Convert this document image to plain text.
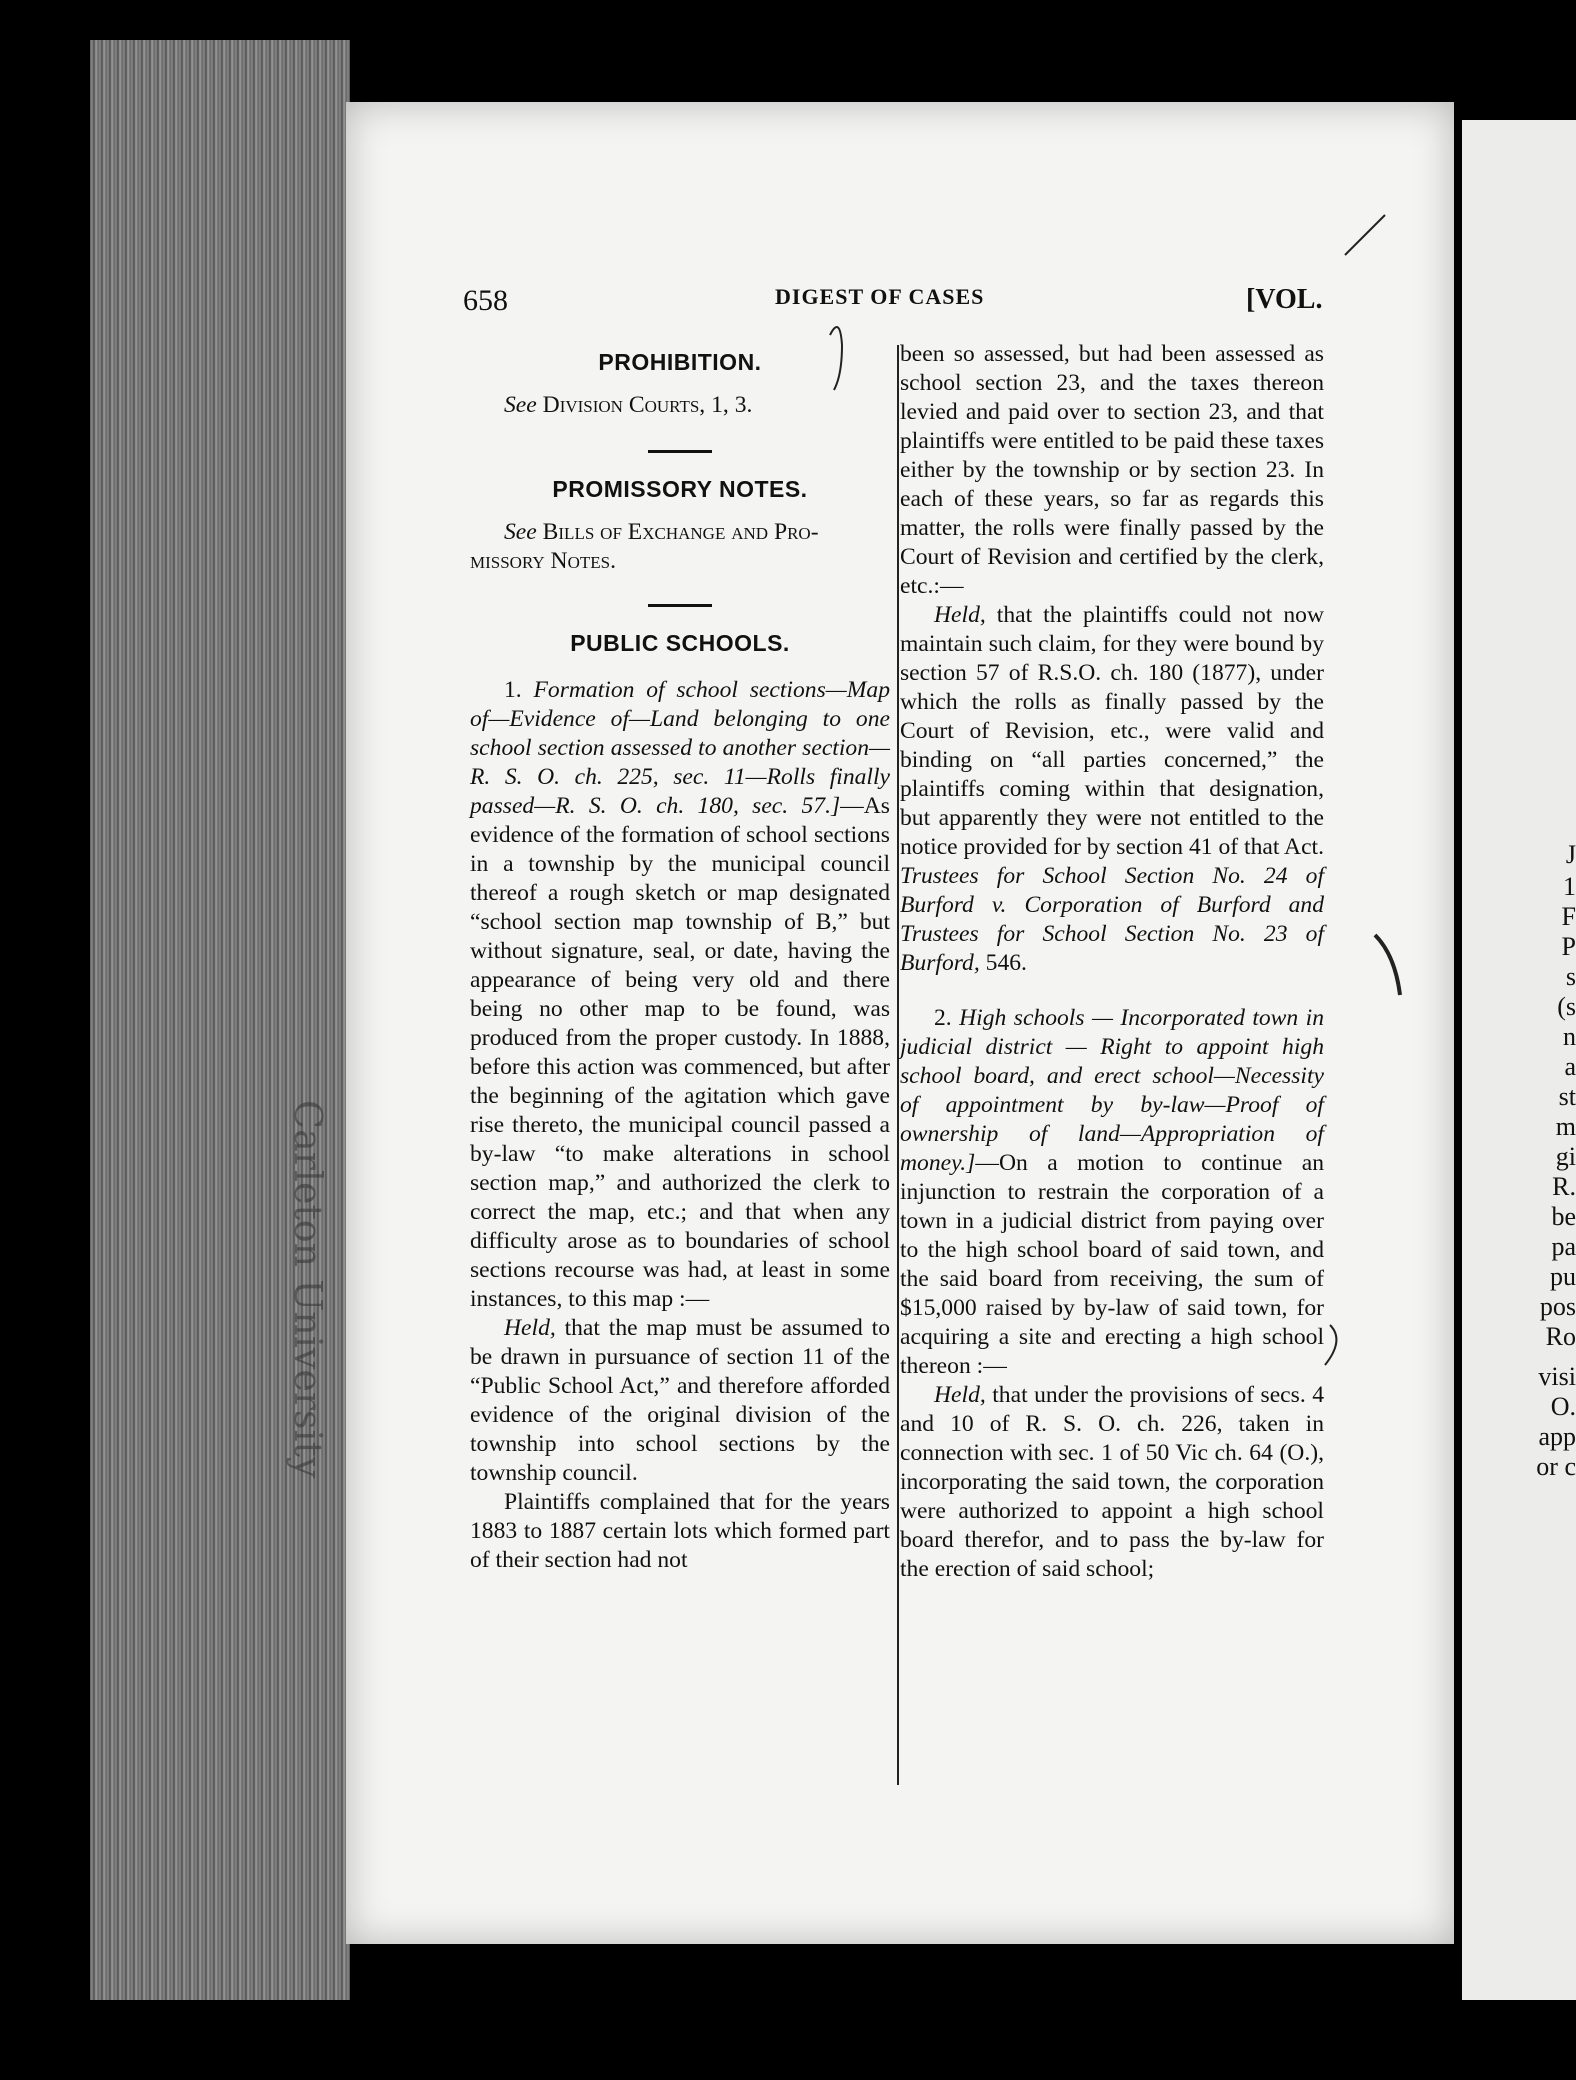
Carleton University
J
1
F
P
s
(s
n
a
st
m
gi
R.
be
pa
pu
pos
Ro
visi
O.
app
or c
658	DIGEST OF CASES	[VOL.
PROHIBITION.

See Division Courts, 1, 3.

PROMISSORY NOTES.

See Bills of Exchange and Pro-

missory Notes.

PUBLIC SCHOOLS.

1. Formation of school sections—Map of—Evidence of—Land belonging to one school section assessed to another section—R. S. O. ch. 225, sec. 11—Rolls finally passed—R. S. O. ch. 180, sec. 57.]—As evidence of the formation of school sections in a township by the municipal council thereof a rough sketch or map designated “school section map township of B,” but without signature, seal, or date, having the appearance of being very old and there being no other map to be found, was produced from the proper custody. In 1888, before this action was commenced, but after the beginning of the agitation which gave rise thereto, the municipal council passed a by-law “to make alterations in school section map,” and authorized the clerk to correct the map, etc.; and that when any difficulty arose as to boundaries of school sections recourse was had, at least in some instances, to this map :—

Held, that the map must be assumed to be drawn in pursuance of section 11 of the “Public School Act,” and therefore afforded evidence of the original division of the township into school sections by the township council.

Plaintiffs complained that for the years 1883 to 1887 certain lots which formed part of their section had not

been so assessed, but had been assessed as school section 23, and the taxes thereon levied and paid over to section 23, and that plaintiffs were entitled to be paid these taxes either by the township or by section 23. In each of these years, so far as regards this matter, the rolls were finally passed by the Court of Revision and certified by the clerk, etc.:—

Held, that the plaintiffs could not now maintain such claim, for they were bound by section 57 of R.S.O. ch. 180 (1877), under which the rolls as finally passed by the Court of Revision, etc., were valid and binding on “all parties concerned,” the plaintiffs coming within that designation, but apparently they were not entitled to the notice provided for by section 41 of that Act. Trustees for School Section No. 24 of Burford v. Corporation of Burford and Trustees for School Section No. 23 of Burford, 546.

2. High schools — Incorporated town in judicial district — Right to appoint high school board, and erect school—Necessity of appointment by by-law—Proof of ownership of land—Appropriation of money.]—On a motion to continue an injunction to restrain the corporation of a town in a judicial district from paying over to the high school board of said town, and the said board from receiving, the sum of $15,000 raised by by-law of said town, for acquiring a site and erecting a high school thereon :—

Held, that under the provisions of secs. 4 and 10 of R. S. O. ch. 226, taken in connection with sec. 1 of 50 Vic ch. 64 (O.), incorporating the said town, the corporation were authorized to appoint a high school board therefor, and to pass the by-law for the erection of said school;
